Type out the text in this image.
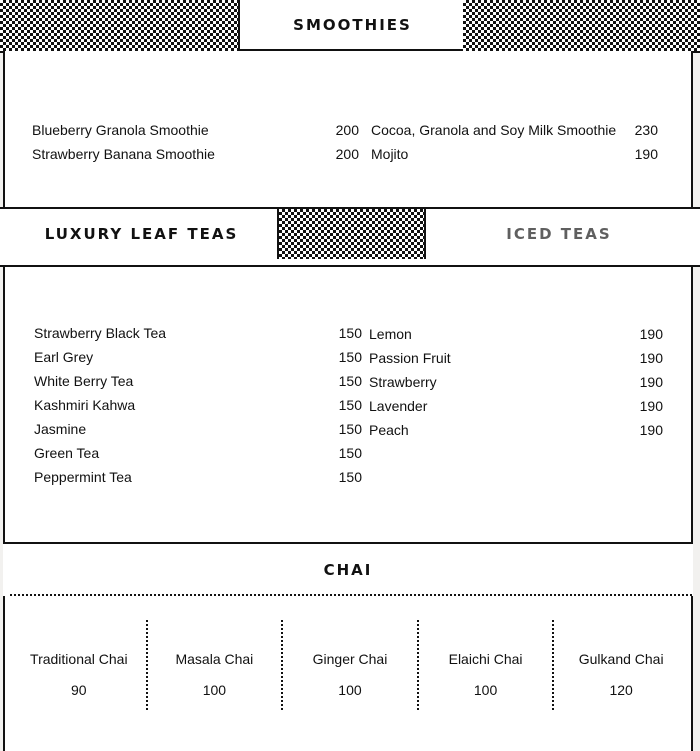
SMOOTHIES
Blueberry Granola Smoothie	200
Strawberry Banana Smoothie	200
Cocoa, Granola and Soy Milk Smoothie	230
Mojito	190
LUXURY LEAF TEAS	ICED TEAS
Strawberry Black Tea	150
Earl Grey	150
White Berry Tea	150
Kashmiri Kahwa	150
Jasmine	150
Green Tea	150
Peppermint Tea	150
Lemon	190
Passion Fruit	190
Strawberry	190
Lavender	190
Peach	190
CHAI
Traditional Chai
90
Masala Chai
100
Ginger Chai
100
Elaichi Chai
100
Gulkand Chai
120
